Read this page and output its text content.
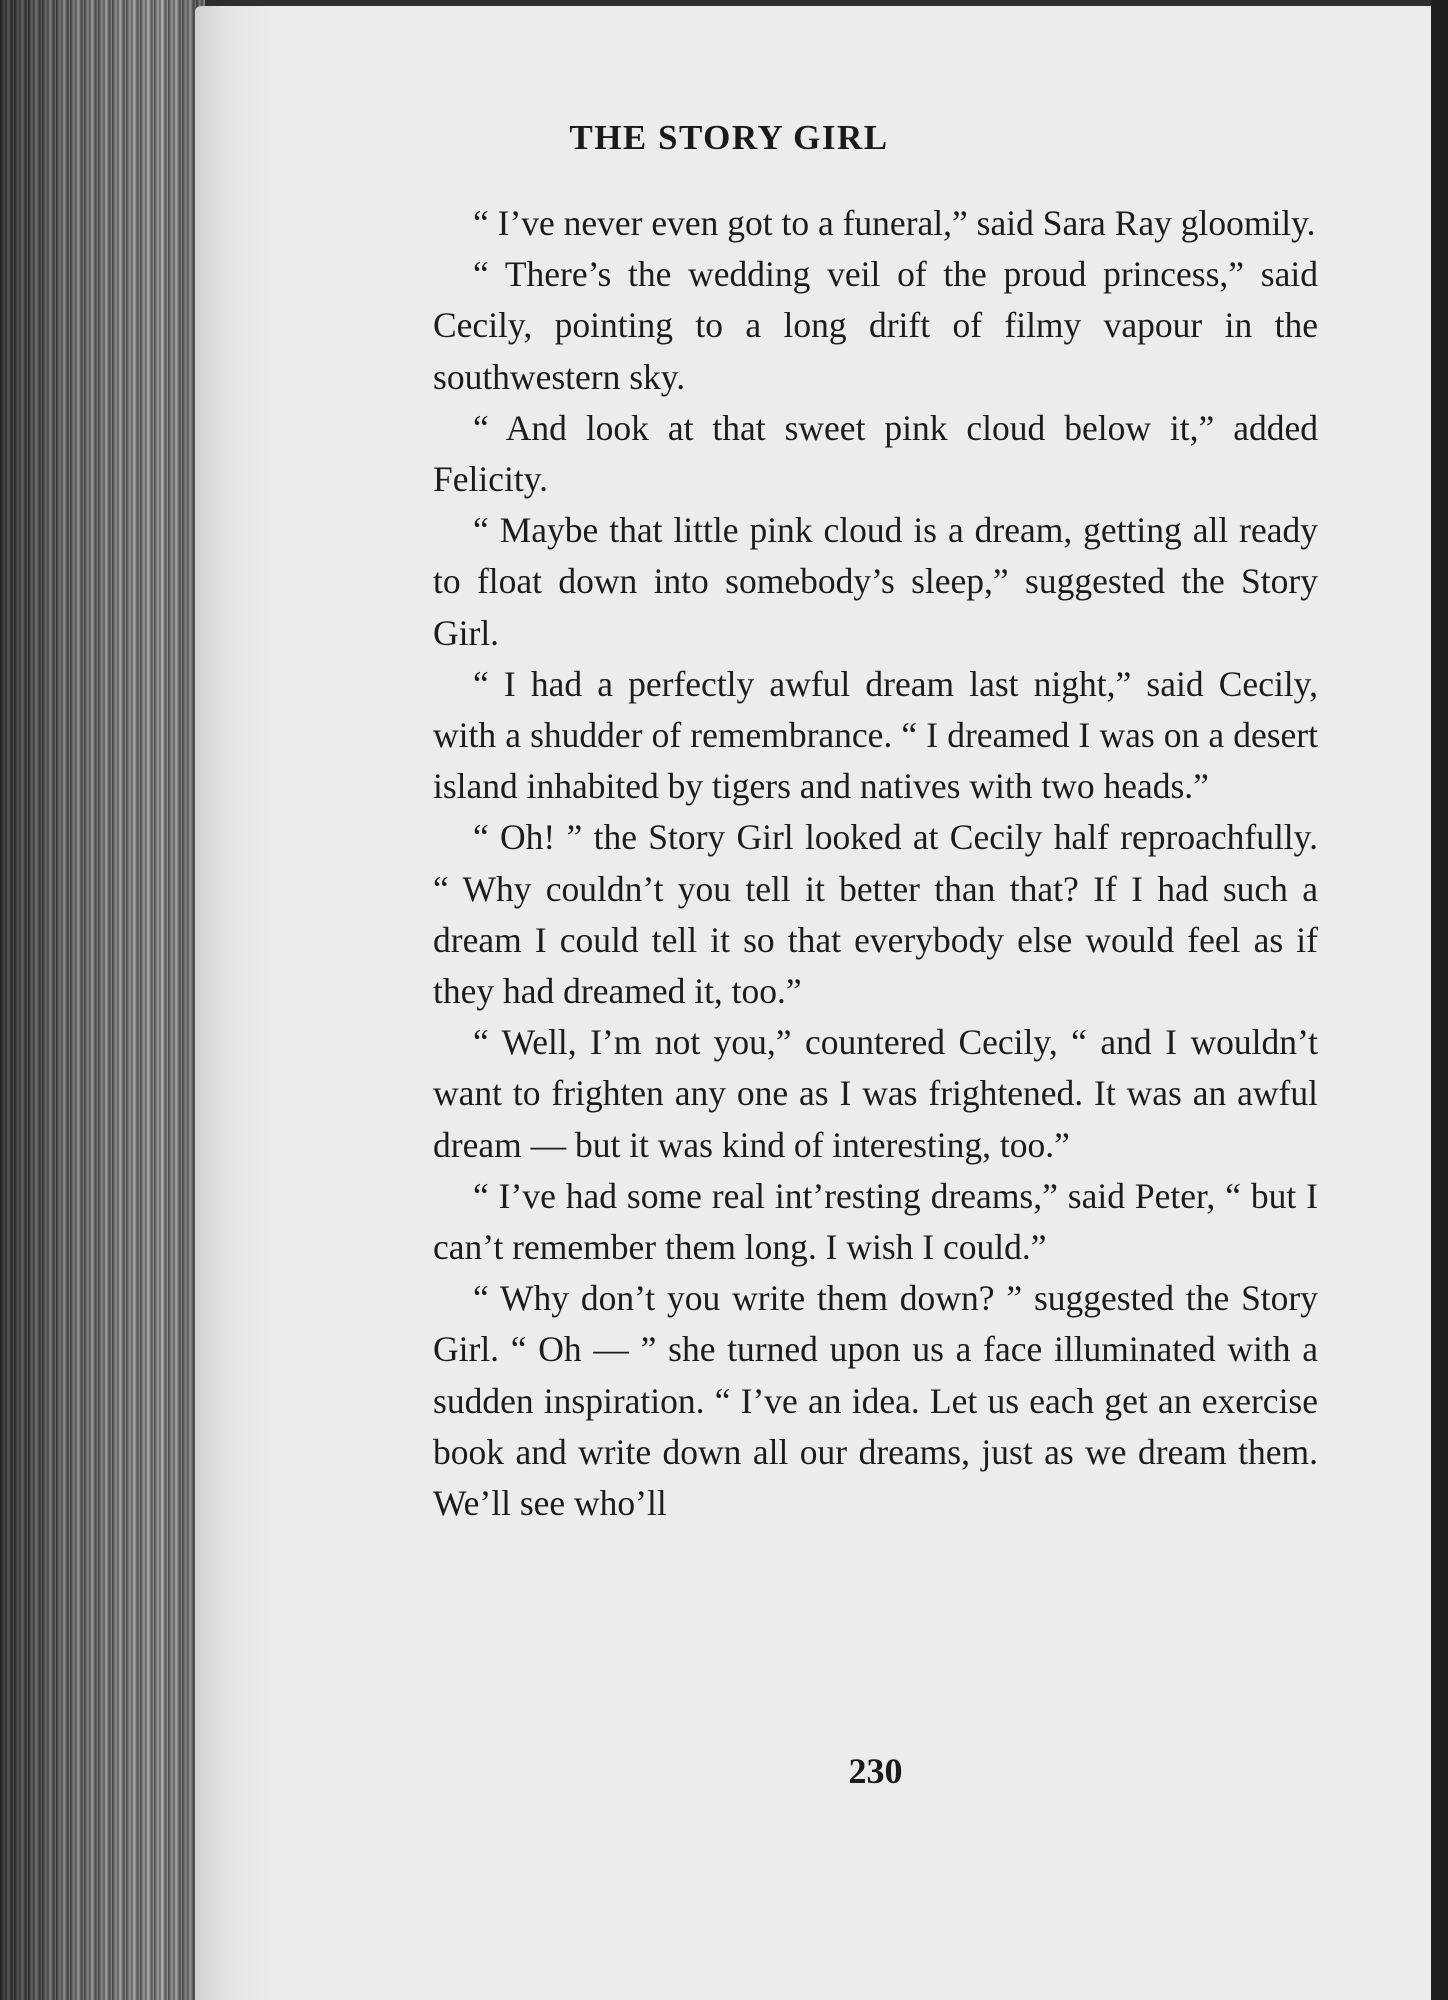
THE STORY GIRL

“ I’ve never even got to a funeral,” said Sara Ray gloomily.

“ There’s the wedding veil of the proud princess,” said Cecily, pointing to a long drift of filmy vapour in the southwestern sky.

“ And look at that sweet pink cloud below it,” added Felicity.

“ Maybe that little pink cloud is a dream, getting all ready to float down into somebody’s sleep,” suggested the Story Girl.

“ I had a perfectly awful dream last night,” said Cecily, with a shudder of remembrance. “ I dreamed I was on a desert island inhabited by tigers and natives with two heads.”

“ Oh! ” the Story Girl looked at Cecily half reproachfully. “ Why couldn’t you tell it better than that? If I had such a dream I could tell it so that everybody else would feel as if they had dreamed it, too.”

“ Well, I’m not you,” countered Cecily, “ and I wouldn’t want to frighten any one as I was frightened. It was an awful dream — but it was kind of interesting, too.”

“ I’ve had some real int’resting dreams,” said Peter, “ but I can’t remember them long. I wish I could.”

“ Why don’t you write them down? ” suggested the Story Girl. “ Oh — ” she turned upon us a face illuminated with a sudden inspiration. “ I’ve an idea. Let us each get an exercise book and write down all our dreams, just as we dream them. We’ll see who’ll

230
